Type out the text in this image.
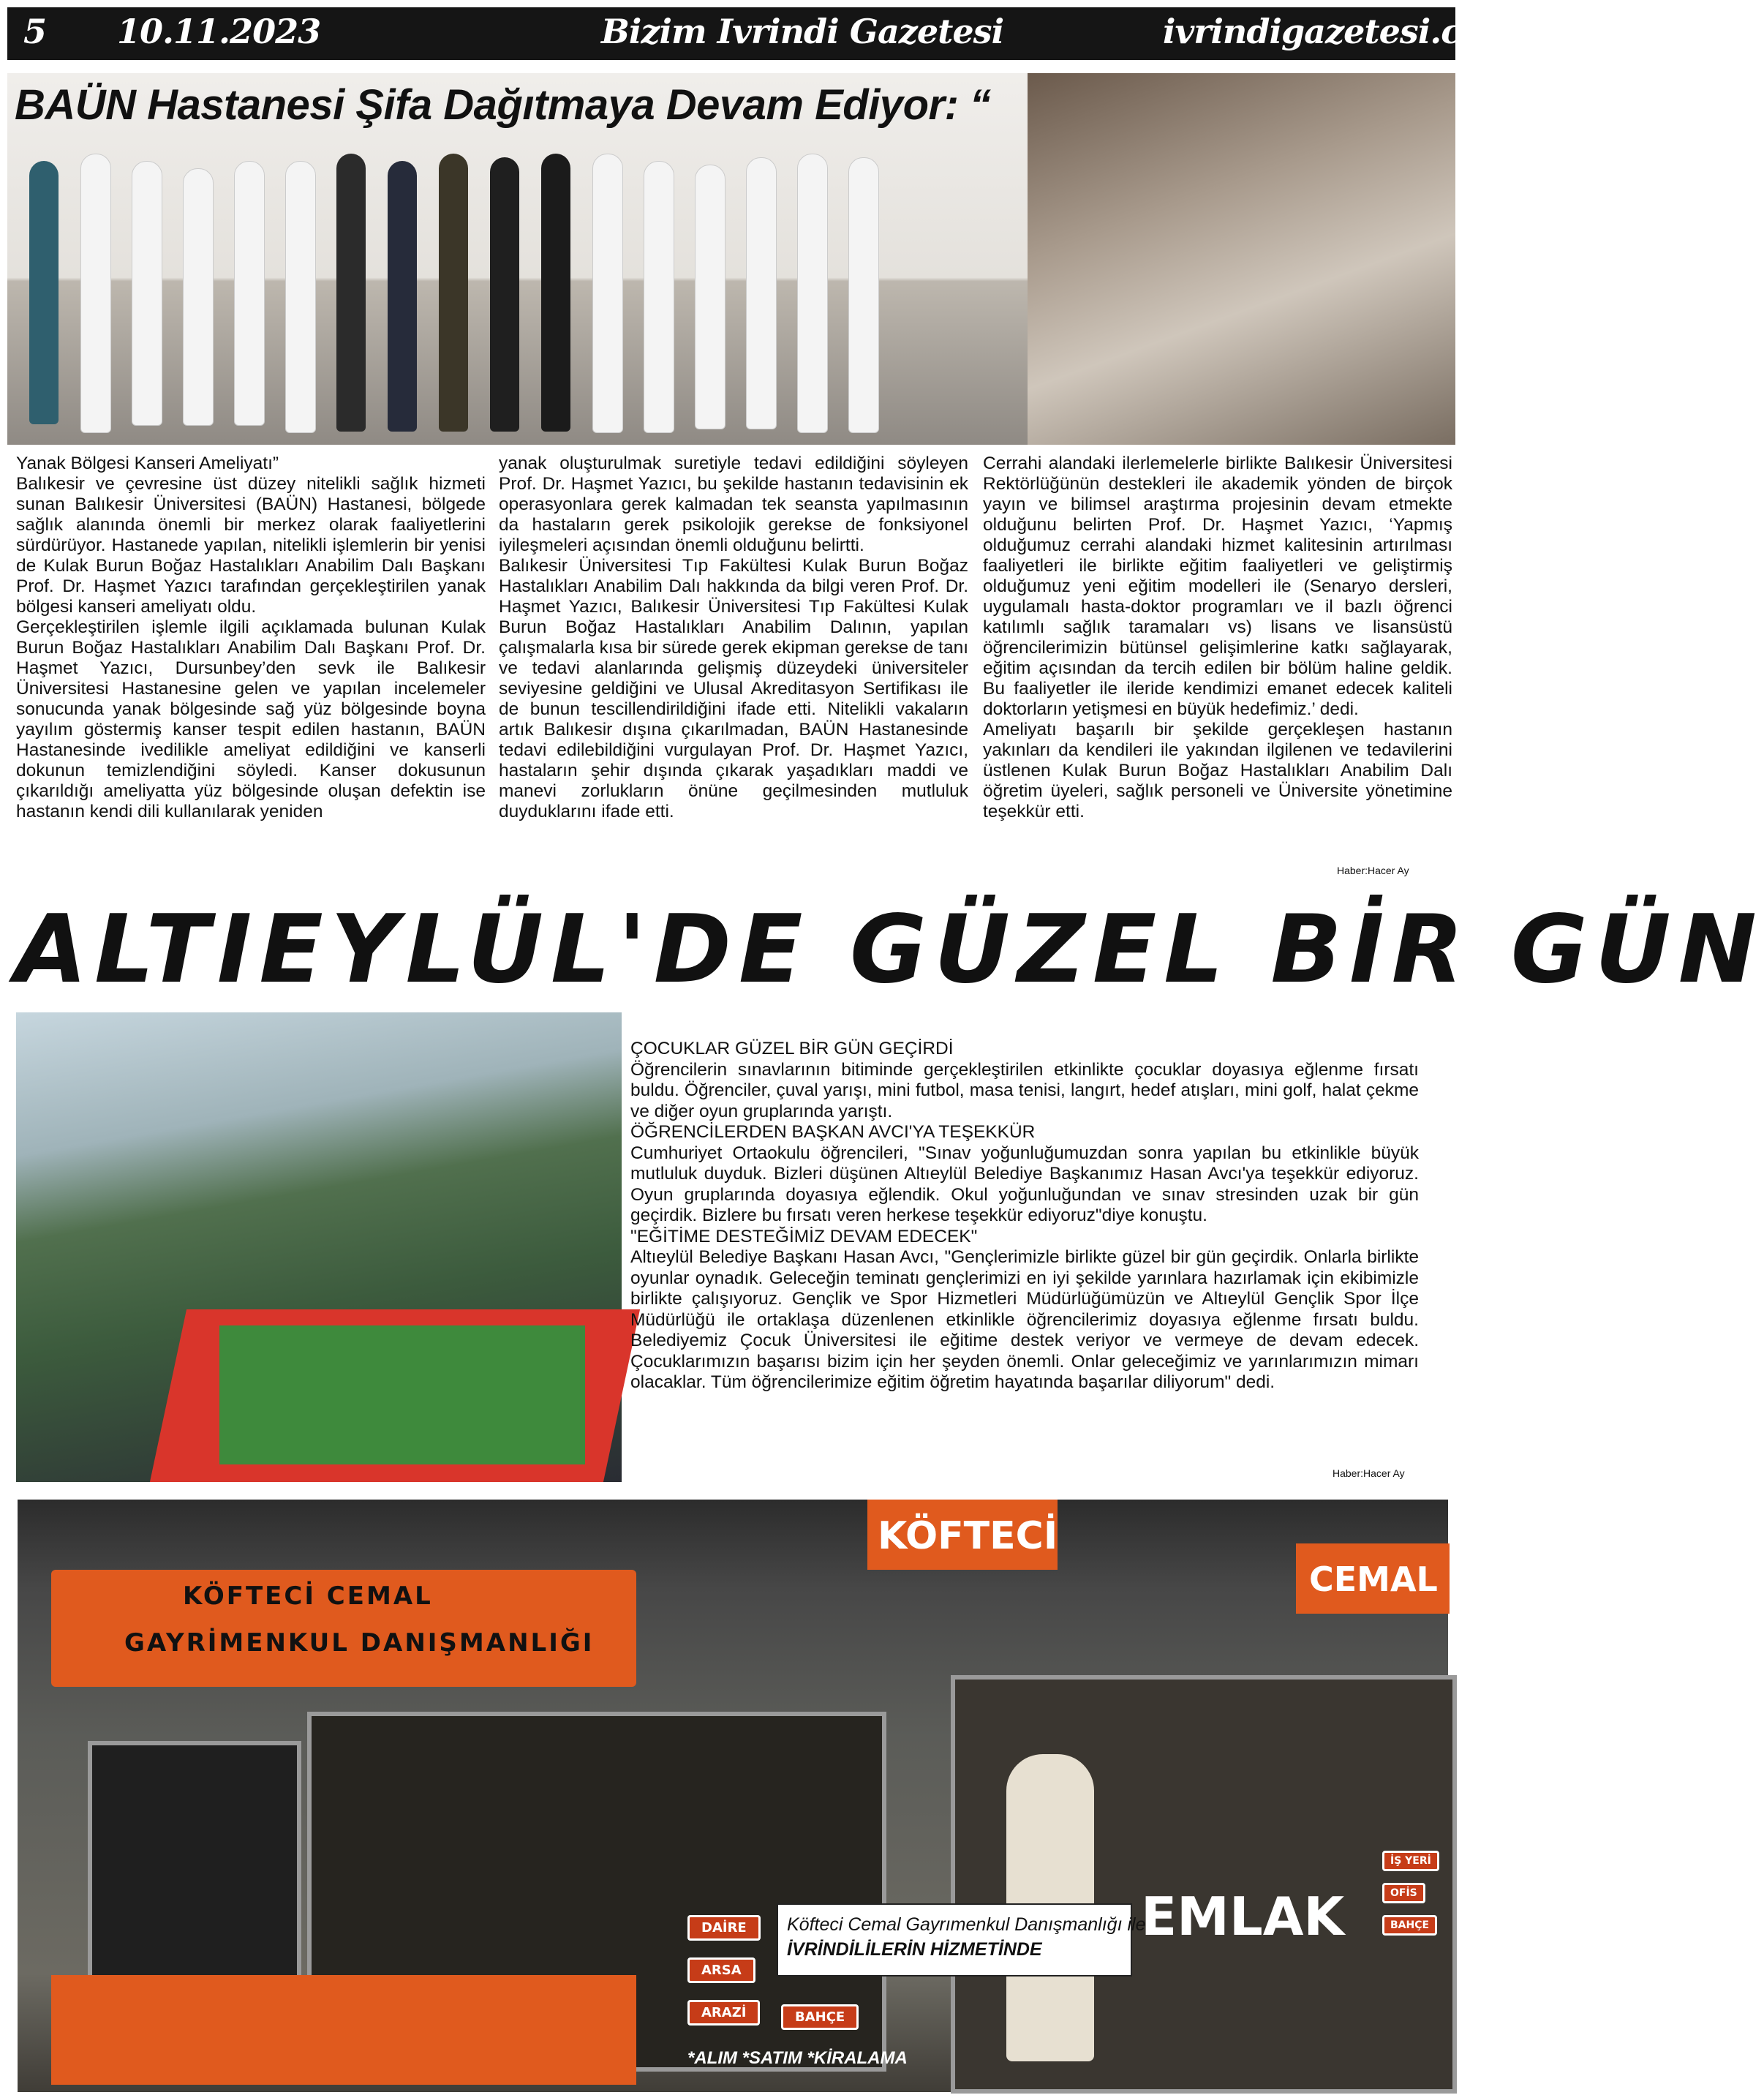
5 10.11.2023	Bizim Ivrindi Gazetesi	ivrindigazetesi.com
BAÜN Hastanesi Şifa Dağıtmaya Devam Ediyor: “

Yanak Bölgesi Kanseri Ameliyatı”

Balıkesir ve çevresine üst düzey nitelikli sağlık hizmeti sunan Balıkesir Üniversitesi (BAÜN) Hastanesi, bölgede sağlık alanında önemli bir merkez olarak faaliyetlerini sürdürüyor. Hastanede yapılan, nitelikli işlemlerin bir yenisi de Kulak Burun Boğaz Hastalıkları Anabilim Dalı Başkanı Prof. Dr. Haşmet Yazıcı tarafından gerçekleştirilen yanak bölgesi kanseri ameliyatı oldu.

Gerçekleştirilen işlemle ilgili açıklamada bulunan Kulak Burun Boğaz Hastalıkları Anabilim Dalı Başkanı Prof. Dr. Haşmet Yazıcı, Dursunbey’den sevk ile Balıkesir Üniversitesi Hastanesine gelen ve yapılan incelemeler sonucunda yanak bölgesinde sağ yüz bölgesinde boyna yayılım göstermiş kanser tespit edilen hastanın, BAÜN Hastanesinde ivedilikle ameliyat edildiğini ve kanserli dokunun temizlendiğini söyledi. Kanser dokusunun çıkarıldığı ameliyatta yüz bölgesinde oluşan defektin ise hastanın kendi dili kullanılarak yeniden

yanak oluşturulmak suretiyle tedavi edildiğini söyleyen Prof. Dr. Haşmet Yazıcı, bu şekilde hastanın tedavisinin ek operasyonlara gerek kalmadan tek seansta yapılmasının da hastaların gerek psikolojik gerekse de fonksiyonel iyileşmeleri açısından önemli olduğunu belirtti.

Balıkesir Üniversitesi Tıp Fakültesi Kulak Burun Boğaz Hastalıkları Anabilim Dalı hakkında da bilgi veren Prof. Dr. Haşmet Yazıcı, Balıkesir Üniversitesi Tıp Fakültesi Kulak Burun Boğaz Hastalıkları Anabilim Dalının, yapılan çalışmalarla kısa bir sürede gerek ekipman gerekse de tanı ve tedavi alanlarında gelişmiş düzeydeki üniversiteler seviyesine geldiğini ve Ulusal Akreditasyon Sertifikası ile de bunun tescillendirildiğini ifade etti. Nitelikli vakaların artık Balıkesir dışına çıkarılmadan, BAÜN Hastanesinde tedavi edilebildiğini vurgulayan Prof. Dr. Haşmet Yazıcı, hastaların şehir dışında çıkarak yaşadıkları maddi ve manevi zorlukların önüne geçilmesinden mutluluk duyduklarını ifade etti.

Cerrahi alandaki ilerlemelerle birlikte Balıkesir Üniversitesi Rektörlüğünün destekleri ile akademik yönden de birçok yayın ve bilimsel araştırma projesinin devam etmekte olduğunu belirten Prof. Dr. Haşmet Yazıcı, ‘Yapmış olduğumuz cerrahi alandaki hizmet kalitesinin artırılması faaliyetleri ile birlikte eğitim faaliyetleri ve geliştirmiş olduğumuz yeni eğitim modelleri ile (Senaryo dersleri, uygulamalı hasta-doktor programları ve il bazlı öğrenci katılımlı sağlık taramaları vs) lisans ve lisansüstü öğrencilerimizin bütünsel gelişimlerine katkı sağlayarak, eğitim açısından da tercih edilen bir bölüm haline geldik. Bu faaliyetler ile ileride kendimizi emanet edecek kaliteli doktorların yetişmesi en büyük hedefimiz.’ dedi.

Ameliyatı başarılı bir şekilde gerçekleşen hastanın yakınları da kendileri ile yakından ilgilenen ve tedavilerini üstlenen Kulak Burun Boğaz Hastalıkları Anabilim Dalı öğretim üyeleri, sağlık personeli ve Üniversite yönetimine teşekkür etti.

Haber:Hacer Ay
ALTIEYLÜL'DE GÜZEL BİR GÜN

ÇOCUKLAR GÜZEL BİR GÜN GEÇİRDİ

Öğrencilerin sınavlarının bitiminde gerçekleştirilen etkinlikte çocuklar doyasıya eğlenme fırsatı buldu. Öğrenciler, çuval yarışı, mini futbol, masa tenisi, langırt, hedef atışları, mini golf, halat çekme ve diğer oyun gruplarında yarıştı.

ÖĞRENCİLERDEN BAŞKAN AVCI'YA TEŞEKKÜR

Cumhuriyet Ortaokulu öğrencileri, "Sınav yoğunluğumuzdan sonra yapılan bu etkinlikle büyük mutluluk duyduk. Bizleri düşünen Altıeylül Belediye Başkanımız Hasan Avcı'ya teşekkür ediyoruz. Oyun gruplarında doyasıya eğlendik. Okul yoğunluğundan ve sınav stresinden uzak bir gün geçirdik. Bizlere bu fırsatı veren herkese teşekkür ediyoruz"diye konuştu.

"EĞİTİME DESTEĞİMİZ DEVAM EDECEK"

Altıeylül Belediye Başkanı Hasan Avcı, "Gençlerimizle birlikte güzel bir gün geçirdik. Onlarla birlikte oyunlar oynadık. Geleceğin teminatı gençlerimizi en iyi şekilde yarınlara hazırlamak için ekibimizle birlikte çalışıyoruz. Gençlik ve Spor Hizmetleri Müdürlüğümüzün ve Altıeylül Gençlik Spor İlçe Müdürlüğü ile ortaklaşa düzenlenen etkinlikle öğrencilerimiz doyasıya eğlenme fırsatı buldu. Belediyemiz Çocuk Üniversitesi ile eğitime destek veriyor ve vermeye de devam edecek. Çocuklarımızın başarısı bizim için her şeyden önemli. Onlar geleceğimiz ve yarınlarımızın mimarı olacaklar. Tüm öğrencilerimize eğitim öğretim hayatında başarılar diliyorum" dedi.

Haber:Hacer Ay
KÖFTECİ CEMAL
GAYRİMENKUL DANIŞMANLIĞI
KÖFTECİ
CEMAL
DAİRE
ARSA
ARAZİ	BAHÇE
İŞ YERİ
OFİS
BAHÇE
EMLAK
*ALIM *SATIM *KİRALAMA
Köfteci Cemal Gayrımenkul Danışmanlığı ile
İVRİNDİLİLERİN HİZMETİNDE
